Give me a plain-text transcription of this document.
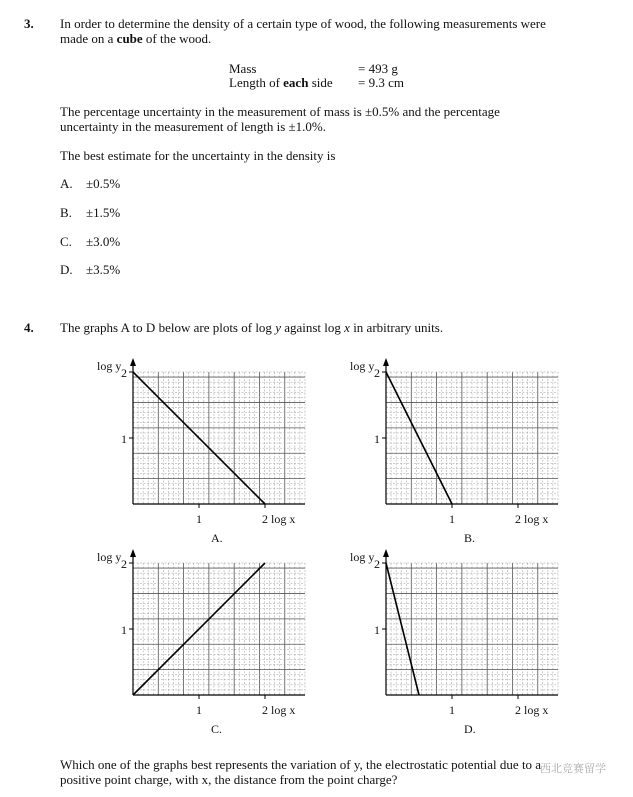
3. In order to determine the density of a certain type of wood, the following measurements were
made on a cube of the wood.
Mass	= 493 g
Length of each side = 9.3 cm
The percentage uncertainty in the measurement of mass is ±0.5% and the percentage
uncertainty in the measurement of length is ±1.0%.
The best estimate for the uncertainty in the density is
A. ±0.5%
B. ±1.5%
C. ±3.0%
D. ±3.5%
4. The graphs A to D below are plots of log y against log x in arbitrary units.
log y 2
1
1	2 log x
A.
log y 2
1
1	2 log x
B.
log y 2
1
1	2 log x
C.
log y 2
1
1	2 log x
D.
Which one of the graphs best represents the variation of y, the electrostatic potential due to a
positive point charge, with x, the distance from the point charge?
西北竞赛留学
